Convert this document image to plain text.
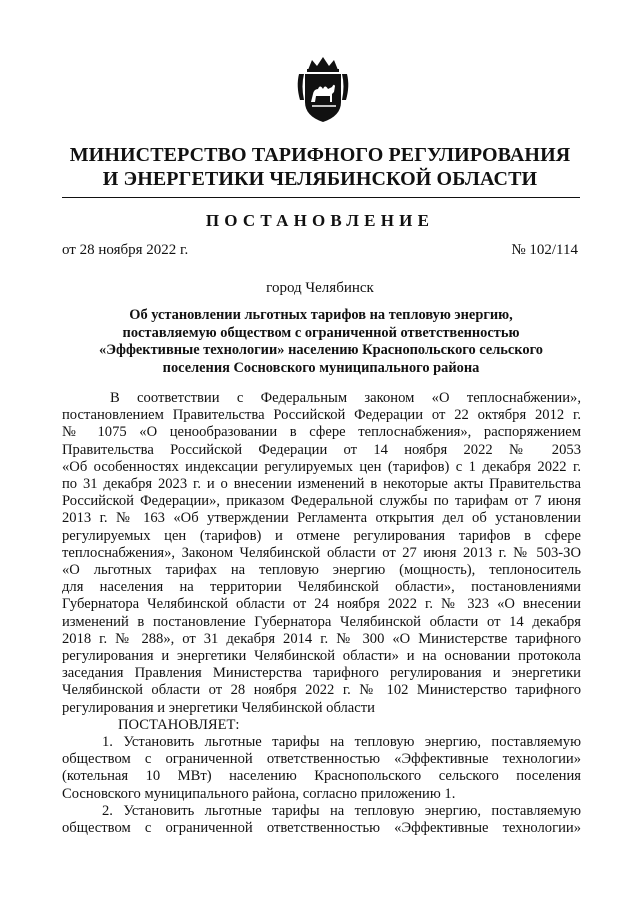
МИНИСТЕРСТВО ТАРИФНОГО РЕГУЛИРОВАНИЯ
И ЭНЕРГЕТИКИ ЧЕЛЯБИНСКОЙ ОБЛАСТИ
ПОСТАНОВЛЕНИЕ
от 28 ноября 2022 г.	№ 102/114
город Челябинск
Об установлении льготных тарифов на тепловую энергию,
поставляемую обществом с ограниченной ответственностью
«Эффективные технологии» населению Краснопольского сельского
поселения Сосновского муниципального района
В соответствии с Федеральным законом «О теплоснабжении»,
постановлением Правительства Российской Федерации от 22 октября 2012 г.
№ 1075 «О ценообразовании в сфере теплоснабжения», распоряжением
Правительства Российской Федерации от 14 ноября 2022 № 2053
«Об особенностях индексации регулируемых цен (тарифов) с 1 декабря 2022 г.
по 31 декабря 2023 г. и о внесении изменений в некоторые акты Правительства
Российской Федерации», приказом Федеральной службы по тарифам от 7 июня
2013 г. № 163 «Об утверждении Регламента открытия дел об установлении
регулируемых цен (тарифов) и отмене регулирования тарифов в сфере
теплоснабжения», Законом Челябинской области от 27 июня 2013 г. № 503-ЗО
«О льготных тарифах на тепловую энергию (мощность), теплоноситель
для населения на территории Челябинской области», постановлениями
Губернатора Челябинской области от 24 ноября 2022 г. № 323 «О внесении
изменений в постановление Губернатора Челябинской области от 14 декабря
2018 г. № 288», от 31 декабря 2014 г. № 300 «О Министерстве тарифного
регулирования и энергетики Челябинской области» и на основании протокола
заседания Правления Министерства тарифного регулирования и энергетики
Челябинской области от 28 ноября 2022 г. № 102 Министерство тарифного
регулирования и энергетики Челябинской области
ПОСТАНОВЛЯЕТ:
1. Установить льготные тарифы на тепловую энергию, поставляемую
обществом с ограниченной ответственностью «Эффективные технологии»
(котельная 10 МВт) населению Краснопольского сельского поселения
Сосновского муниципального района, согласно приложению 1.
2. Установить льготные тарифы на тепловую энергию, поставляемую
обществом с ограниченной ответственностью «Эффективные технологии»
